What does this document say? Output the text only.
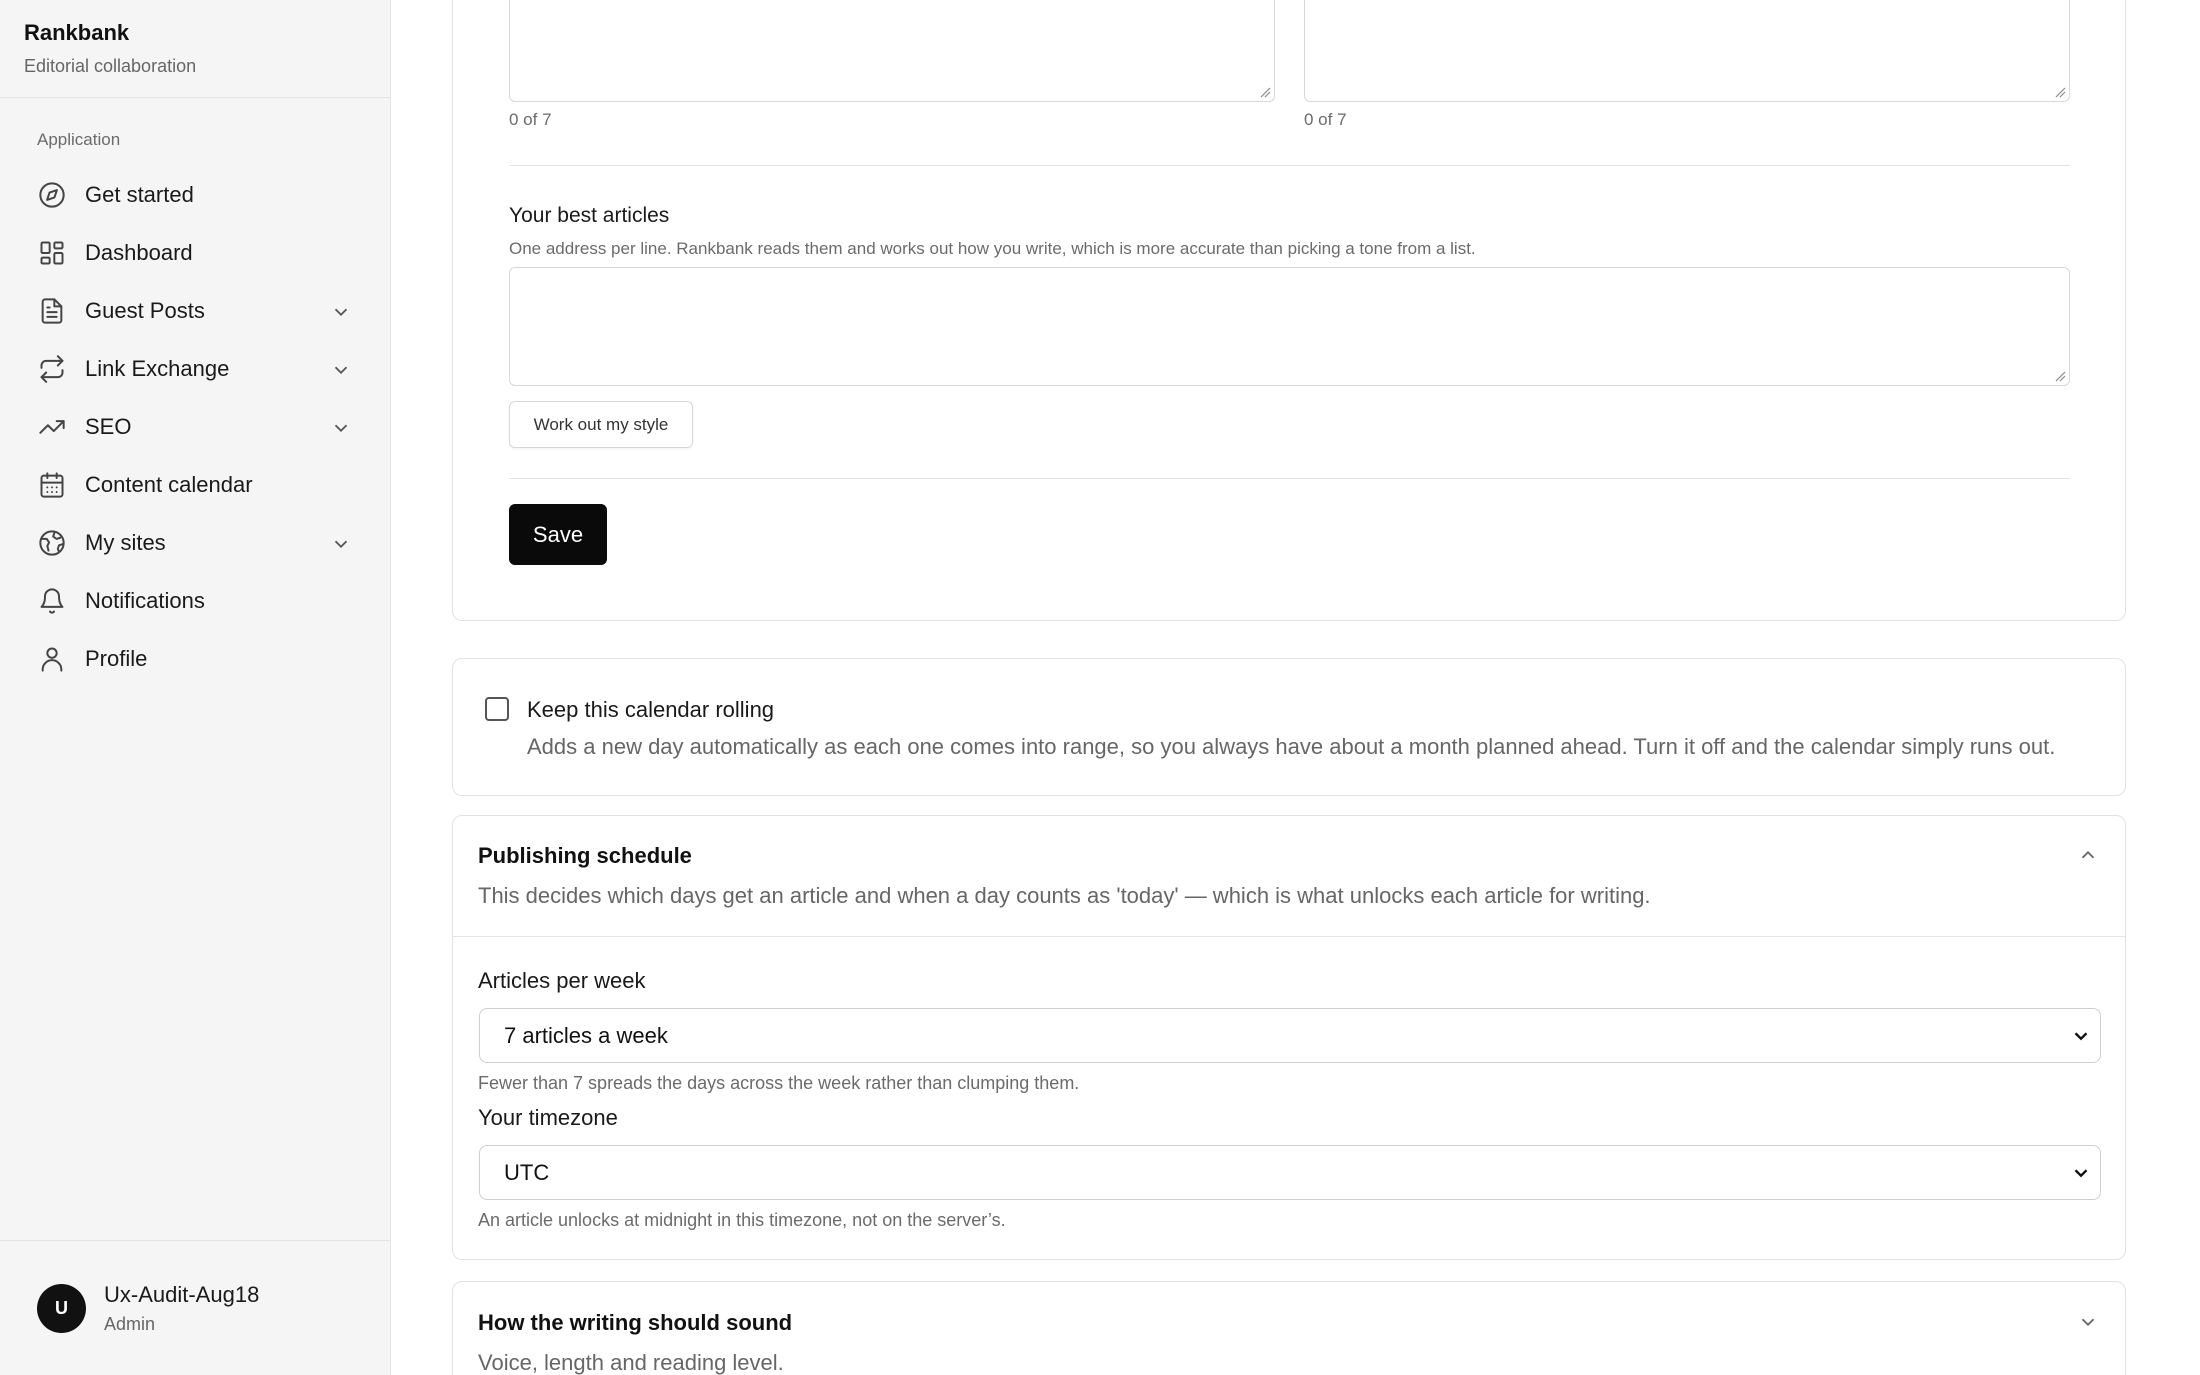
Rankbank
Editorial collaboration
Application
Get started
Dashboard
Guest Posts
Link Exchange
SEO
Content calendar
My sites
Notifications
Profile
U
Ux-Audit-Aug18
Admin
0 of 7	0 of 7
Your best articles
One address per line. Rankbank reads them and works out how you write, which is more accurate than picking a tone from a list.
Work out my style
Save
Keep this calendar rolling
Adds a new day automatically as each one comes into range, so you always have about a month planned ahead. Turn it off and the calendar simply runs out.
Publishing schedule
This decides which days get an article and when a day counts as 'today' — which is what unlocks each article for writing.
Articles per week
7 articles a week
Fewer than 7 spreads the days across the week rather than clumping them.
Your timezone
UTC
An article unlocks at midnight in this timezone, not on the server’s.
How the writing should sound
Voice, length and reading level.
